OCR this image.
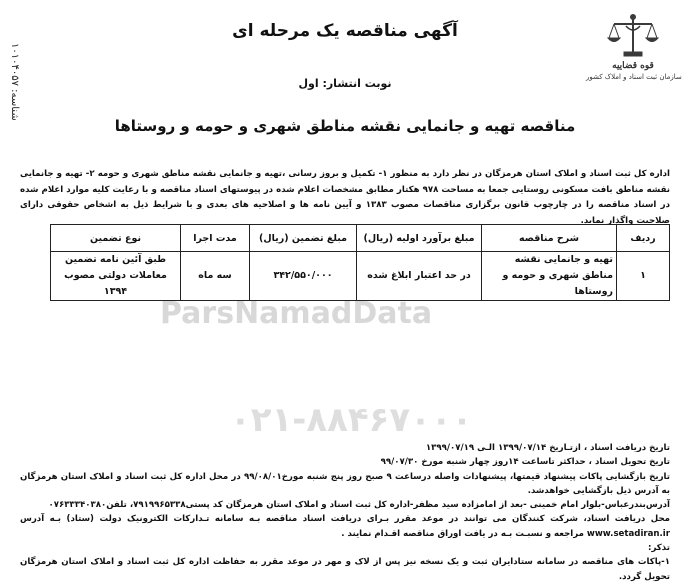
ParsNamadData
۰۲۱-۸۸۴۶۷۰۰۰
شناسه: ۱۰۱۰۴۰۵۷
قوه قضاییه
سازمان ثبت اسناد و املاک کشور
آگهی مناقصه یک مرحله ای
نوبت انتشار: اول
مناقصه تهیه و جانمایی نقشه مناطق شهری و حومه و روستاها
اداره کل ثبت اسناد و املاک استان هرمزگان در نظر دارد به منظور ۱- تکمیل و بروز رسانی ،تهیه و جانمایی نقشه مناطق شهری و حومه ۲- تهیه و جانمایی نقشه مناطق بافت مسکونی روستایی جمعا به مساحت ۹۷۸ هکتار مطابق مشخصات اعلام شده در پیوستهای اسناد مناقصه و با رعایت کلیه موارد اعلام شده در اسناد مناقصه را در چارچوب قانون برگزاری مناقصات مصوب ۱۳۸۳ و آیین نامه ها و اصلاحیه های بعدی و با شرایط ذیل به اشخاص حقوقی دارای صلاحیت واگذار نماید.
ردیف	شرح مناقصه	مبلغ برآورد اولیه (ریال)	مبلغ تضمین (ریال)	مدت اجرا	نوع تضمین
۱	تهیه و جانمایی نقشه مناطق شهری و حومه و روستاها	در حد اعتبار ابلاغ شده	۳۴۲/۵۵۰/۰۰۰	سه ماه	طبق آئین نامه تضمین معاملات دولتی مصوب ۱۳۹۴

تاریخ دریافت اسناد ، ازتـاریخ ۱۳۹۹/۰۷/۱۴ الـی ۱۳۹۹/۰۷/۱۹

تاریخ تحویل اسناد ، حداکثر تاساعت ۱۴روز چهار شنبه مورخ ۹۹/۰۷/۳۰

تاریخ بازگشایی پاکات پیشنهاد قیمتها، پیشنهادات واصله درساعت ۹ صبح روز پنج شنبه مورخ۹۹/۰۸/۰۱ در محل اداره کل ثبت اسناد و املاک استان هرمزگان به آدرس ذیل بازگشایی خواهدشد.

آدرس‌بندرعباس-بلوار امام خمینی -بعد از امامزاده سید مظفر-اداره کل ثبت اسناد و املاک استان هرمزگان کد پستی۷۹۱۹۹۶۵۳۳۸، تلفن۰۷۶۳۳۳۴۰۳۸۰

محل دریافت اسناد، شرکت کنندگان می توانند در موعد مقرر بـرای دریافت اسناد مناقصه بـه سامانه تـدارکات الکترونیک دولت (ستاد) بـه آدرس www.setadiran.ir مراجعه و نسبـت بـه در یافت اوراق مناقصه اقـدام نمایند .

تذکر:

۱-پاکات های مناقصه در سامانه ستادایران ثبت و یک نسخه نیز پس از لاک و مهر در موعد مقرر به حفاظت اداره کل ثبت اسناد و املاک استان هرمزگان تحویل گردد.
